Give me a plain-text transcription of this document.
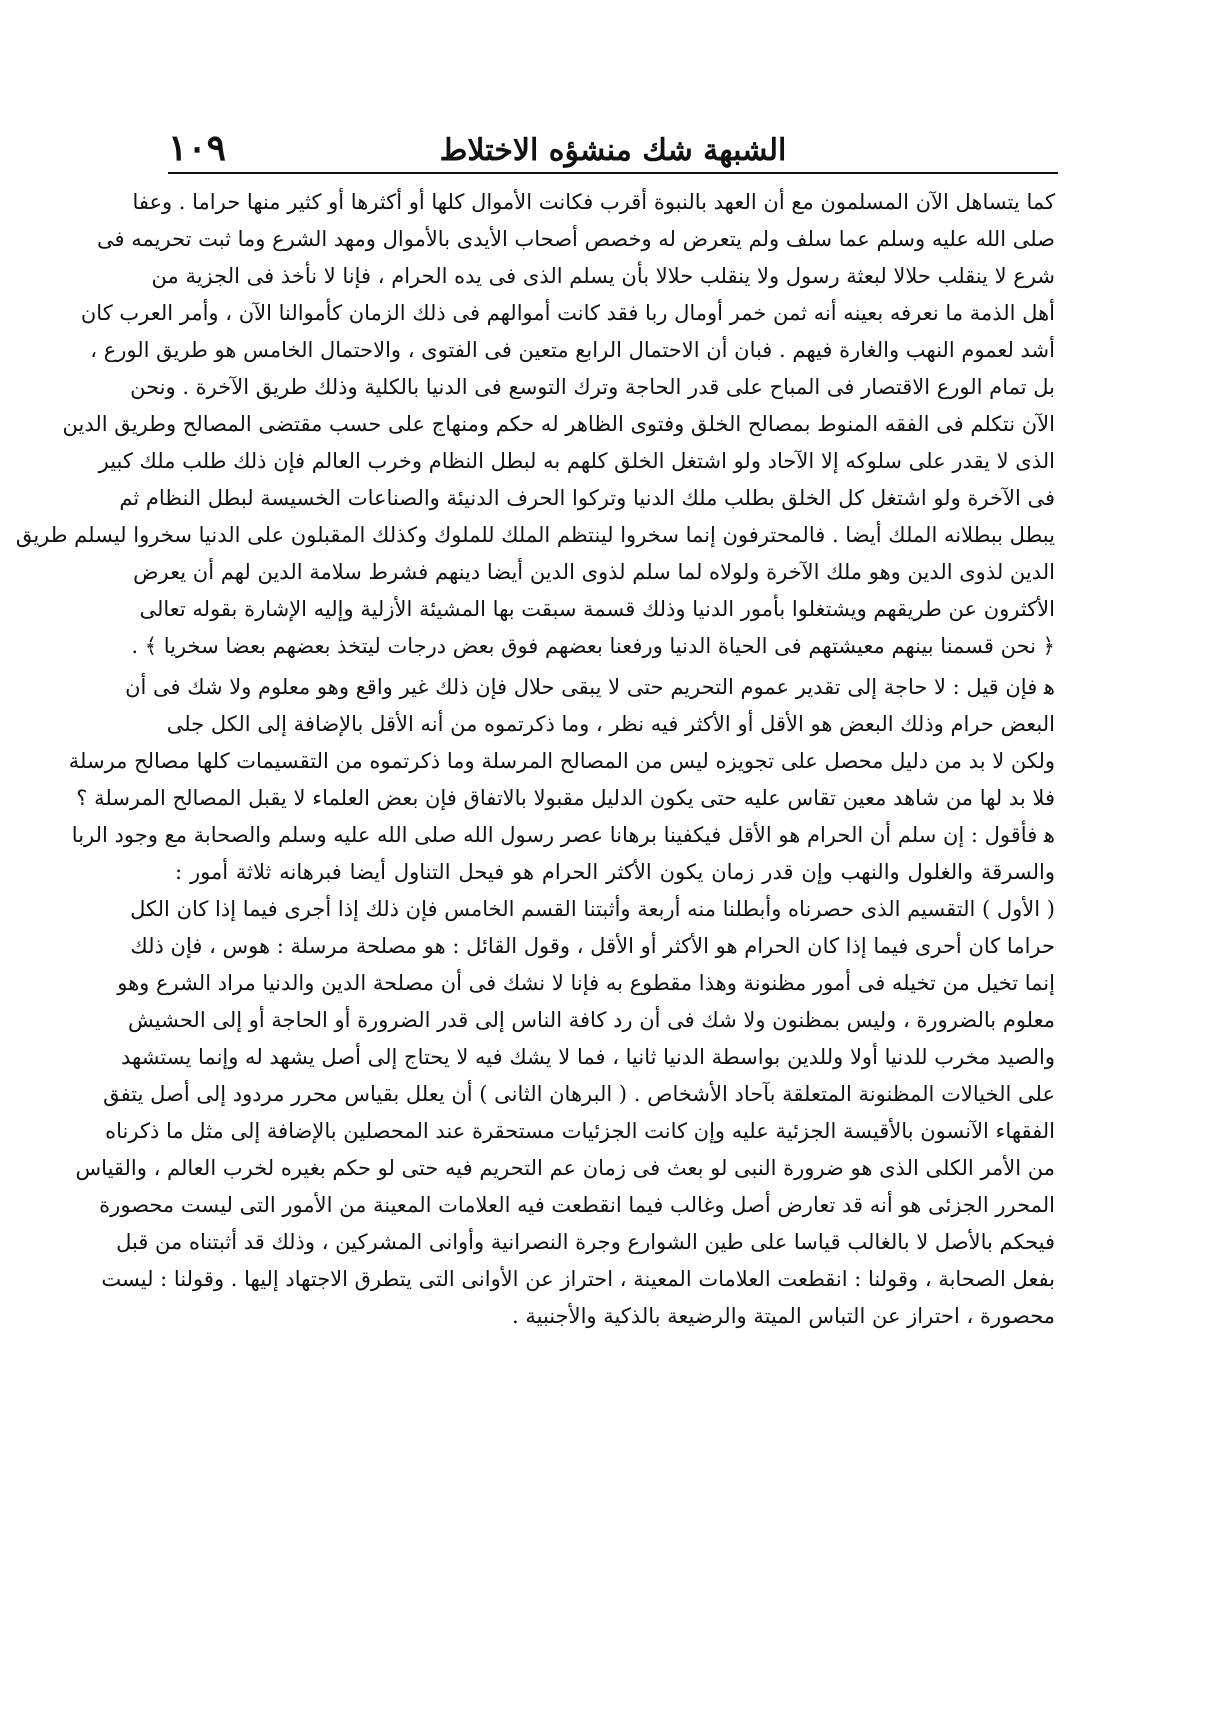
١٠٩	الشبهة شك منشؤه الاختلاط
كما يتساهل الآن المسلمون مع أن العهد بالنبوة أقرب فكانت الأموال كلها أو أكثرها أو كثير منها حراما . وعفا
صلى الله عليه وسلم عما سلف ولم يتعرض له وخصص أصحاب الأيدى بالأموال ومهد الشرع وما ثبت تحريمه فى
شرع لا ينقلب حلالا لبعثة رسول ولا ينقلب حلالا بأن يسلم الذى فى يده الحرام ، فإنا لا نأخذ فى الجزية من
أهل الذمة ما نعرفه بعينه أنه ثمن خمر أومال ربا فقد كانت أموالهم فى ذلك الزمان كأموالنا الآن ، وأمر العرب كان
أشد لعموم النهب والغارة فيهم . فبان أن الاحتمال الرابع متعين فى الفتوى ، والاحتمال الخامس هو طريق الورع ،
بل تمام الورع الاقتصار فى المباح على قدر الحاجة وترك التوسع فى الدنيا بالكلية وذلك طريق الآخرة . ونحن
الآن نتكلم فى الفقه المنوط بمصالح الخلق وفتوى الظاهر له حكم ومنهاج على حسب مقتضى المصالح وطريق الدين
الذى لا يقدر على سلوكه إلا الآحاد ولو اشتغل الخلق كلهم به لبطل النظام وخرب العالم فإن ذلك طلب ملك كبير
فى الآخرة ولو اشتغل كل الخلق بطلب ملك الدنيا وتركوا الحرف الدنيئة والصناعات الخسيسة لبطل النظام ثم
يبطل ببطلانه الملك أيضا . فالمحترفون إنما سخروا لينتظم الملك للملوك وكذلك المقبلون على الدنيا سخروا ليسلم طريق
الدين لذوى الدين وهو ملك الآخرة ولولاه لما سلم لذوى الدين أيضا دينهم فشرط سلامة الدين لهم أن يعرض
الأكثرون عن طريقهم ويشتغلوا بأمور الدنيا وذلك قسمة سبقت بها المشيئة الأزلية وإليه الإشارة بقوله تعالى
﴿ نحن قسمنا بينهم معيشتهم فى الحياة الدنيا ورفعنا بعضهم فوق بعض درجات ليتخذ بعضهم بعضا سخريا ﴾ .
ﻫ فإن قيل : لا حاجة إلى تقدير عموم التحريم حتى لا يبقى حلال فإن ذلك غير واقع وهو معلوم ولا شك فى أن
البعض حرام وذلك البعض هو الأقل أو الأكثر فيه نظر ، وما ذكرتموه من أنه الأقل بالإضافة إلى الكل جلى
ولكن لا بد من دليل محصل على تجويزه ليس من المصالح المرسلة وما ذكرتموه من التقسيمات كلها مصالح مرسلة
فلا بد لها من شاهد معين تقاس عليه حتى يكون الدليل مقبولا بالاتفاق فإن بعض العلماء لا يقبل المصالح المرسلة ؟
ﻫ فأقول : إن سلم أن الحرام هو الأقل فيكفينا برهانا عصر رسول الله صلى الله عليه وسلم والصحابة مع وجود الربا
والسرقة والغلول والنهب وإن قدر زمان يكون الأكثر الحرام هو فيحل التناول أيضا فبرهانه ثلاثة أمور :
( الأول ) التقسيم الذى حصرناه وأبطلنا منه أربعة وأثبتنا القسم الخامس فإن ذلك إذا أجرى فيما إذا كان الكل
حراما كان أحرى فيما إذا كان الحرام هو الأكثر أو الأقل ، وقول القائل : هو مصلحة مرسلة : هوس ، فإن ذلك
إنما تخيل من تخيله فى أمور مظنونة وهذا مقطوع به فإنا لا نشك فى أن مصلحة الدين والدنيا مراد الشرع وهو
معلوم بالضرورة ، وليس بمظنون ولا شك فى أن رد كافة الناس إلى قدر الضرورة أو الحاجة أو إلى الحشيش
والصيد مخرب للدنيا أولا وللدين بواسطة الدنيا ثانيا ، فما لا يشك فيه لا يحتاج إلى أصل يشهد له وإنما يستشهد
على الخيالات المظنونة المتعلقة بآحاد الأشخاص . ( البرهان الثانى ) أن يعلل بقياس محرر مردود إلى أصل يتفق
الفقهاء الآنسون بالأقيسة الجزئية عليه وإن كانت الجزئيات مستحقرة عند المحصلين بالإضافة إلى مثل ما ذكرناه
من الأمر الكلى الذى هو ضرورة النبى لو بعث فى زمان عم التحريم فيه حتى لو حكم بغيره لخرب العالم ، والقياس
المحرر الجزئى هو أنه قد تعارض أصل وغالب فيما انقطعت فيه العلامات المعينة من الأمور التى ليست محصورة
فيحكم بالأصل لا بالغالب قياسا على طين الشوارع وجرة النصرانية وأوانى المشركين ، وذلك قد أثبتناه من قبل
بفعل الصحابة ، وقولنا : انقطعت العلامات المعينة ، احتراز عن الأوانى التى يتطرق الاجتهاد إليها . وقولنا : ليست
محصورة ، احتراز عن التباس الميتة والرضيعة بالذكية والأجنبية .
